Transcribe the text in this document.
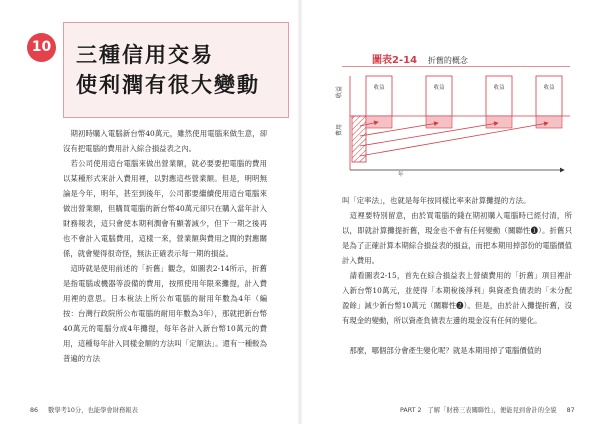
10 三種信用交易
使利潤有很大變動
　期初時購入電腦新台幣40萬元，雖然使用電腦來做生意，卻沒有把電腦的費用計入綜合損益表之內。
　若公司使用這台電腦來做出營業額，就必要要把電腦的費用以某種形式來計入費用裡，以對應這些營業額。但是，明明無論是今年，明年，甚至到後年，公司都要繼續使用這台電腦來做出營業額，但購買電腦的新台幣40萬元卻只在購入當年計入財務報表，這只會使本期利潤會有顯著減少，但下一期之後再也不會計入電腦費用，這樣一來，營業額與費用之間的對應關係，就會變得很奇怪，無法正確表示每一期的損益。
　這時就是使用前述的「折舊」觀念，如圖表2-14所示，折舊是指電腦或機器等設備的費用，按照使用年限來攤提，計入費用裡的意思。日本稅法上所公布電腦的耐用年數為4年（編按：台灣行政院所公布電腦的耐用年數為3年），那就把新台幣40萬元的電腦分成4年攤提，每年各計入新台幣10萬元的費用，這種每年計入同樣金額的方法叫「定額法」。還有一種較為普遍的方法
86 數學考10分，也能學會財務報表
圖表2-14 折舊的概念
收益
費用
收益	收益	收益	收益
年
叫「定率法」，也就是每年按同樣比率來計算攤提的方法。
　這裡要特別留意，由於買電腦的錢在期初購入電腦時已經付清，所以，即就計算攤提折舊，現金也不會有任何變動（關聯性❶）。折舊只是為了正確計算本期綜合損益表的損益，而把本期用掉部份的電腦價值計入費用。
　請看圖表2-15，首先在綜合損益表上營績費用的「折舊」項目裡計入新台幣10萬元，並使得「本期稅後淨利」與資產負債表的「未分配盈餘」減少新台幣10萬元（關聯性❷）。但是，由於計入攤提折舊，沒有現金的變動，所以資產負債表左邊的現金沒有任何的變化。
　那麼，哪個部分會產生變化呢？就是本期用掉了電腦價值的
PART 2 了解「財務三表關聯性」，便能見到會計的全貌 87
